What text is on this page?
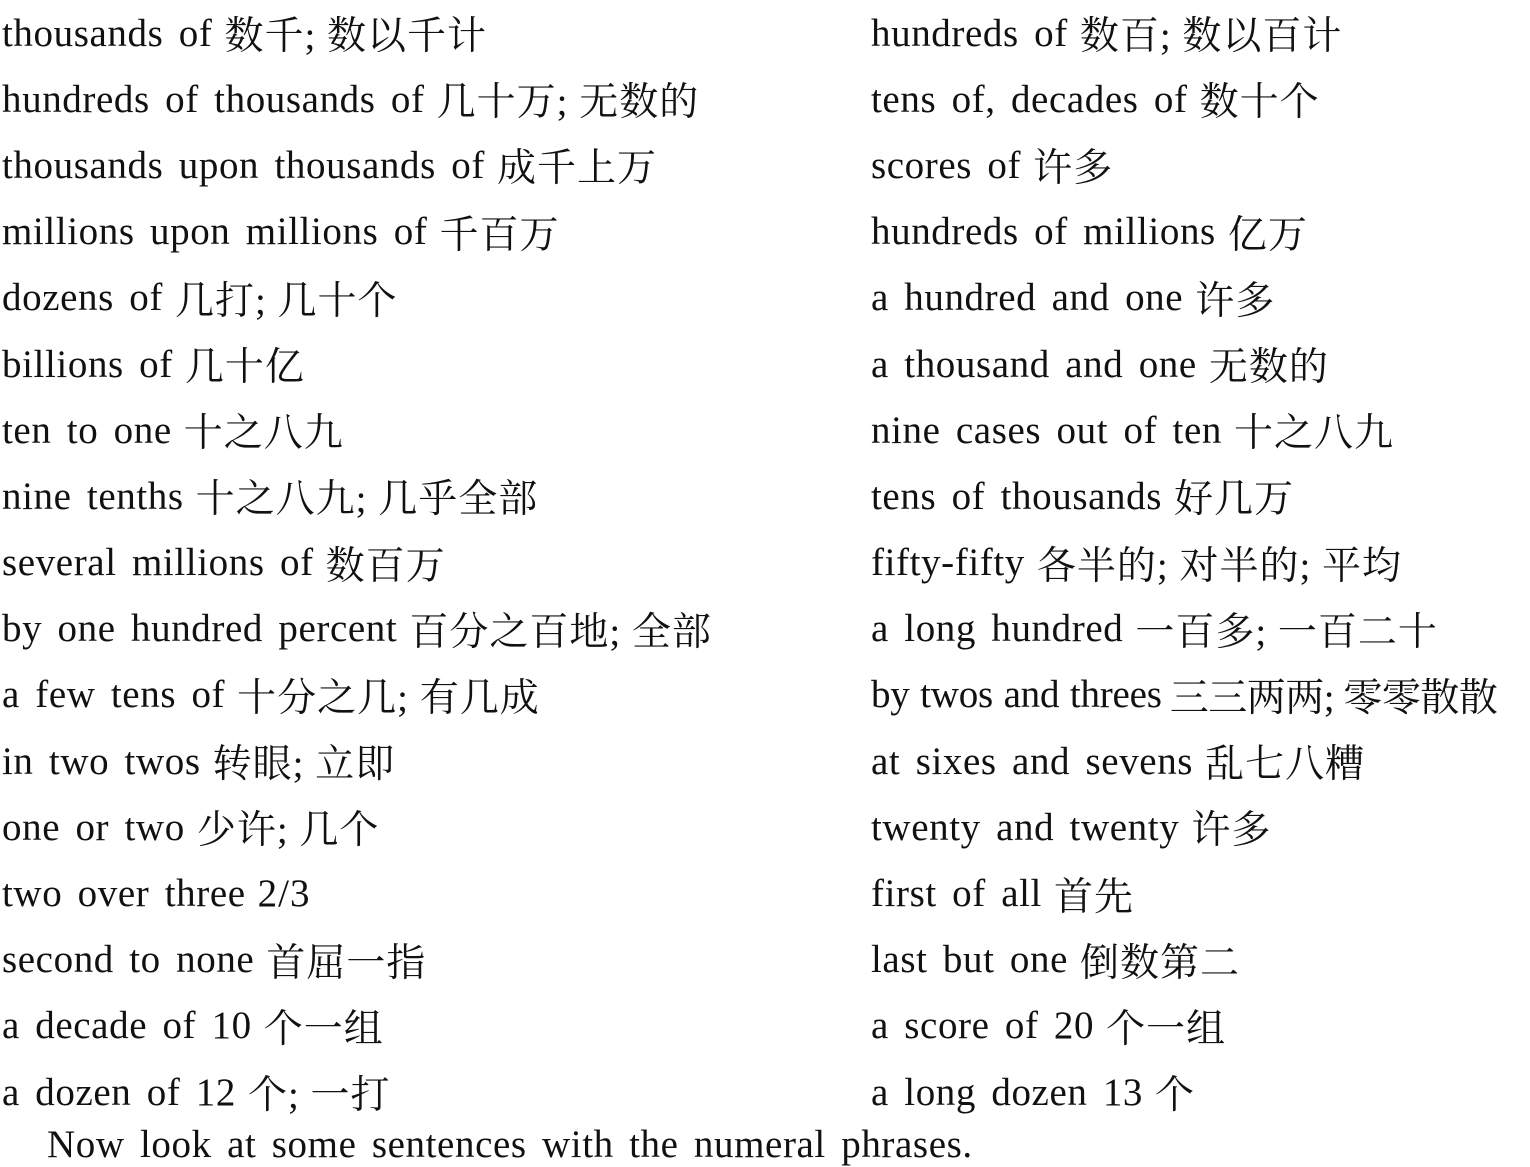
thousands of 数千; 数以千计
hundreds of thousands of 几十万; 无数的
thousands upon thousands of 成千上万
millions upon millions of 千百万
dozens of 几打; 几十个
billions of 几十亿
ten to one 十之八九
nine tenths 十之八九; 几乎全部
several millions of 数百万
by one hundred percent 百分之百地; 全部
a few tens of 十分之几; 有几成
in two twos 转眼; 立即
one or two 少许; 几个
two over three 2/3
second to none 首屈一指
a decade of 10 个一组
a dozen of 12 个; 一打
hundreds of 数百; 数以百计
tens of, decades of 数十个
scores of 许多
hundreds of millions 亿万
a hundred and one 许多
a thousand and one 无数的
nine cases out of ten 十之八九
tens of thousands 好几万
fifty-fifty 各半的; 对半的; 平均
a long hundred 一百多; 一百二十
by twos and threes 三三两两; 零零散散
at sixes and sevens 乱七八糟
twenty and twenty 许多
first of all 首先
last but one 倒数第二
a score of 20 个一组
a long dozen 13 个
Now look at some sentences with the numeral phrases.
